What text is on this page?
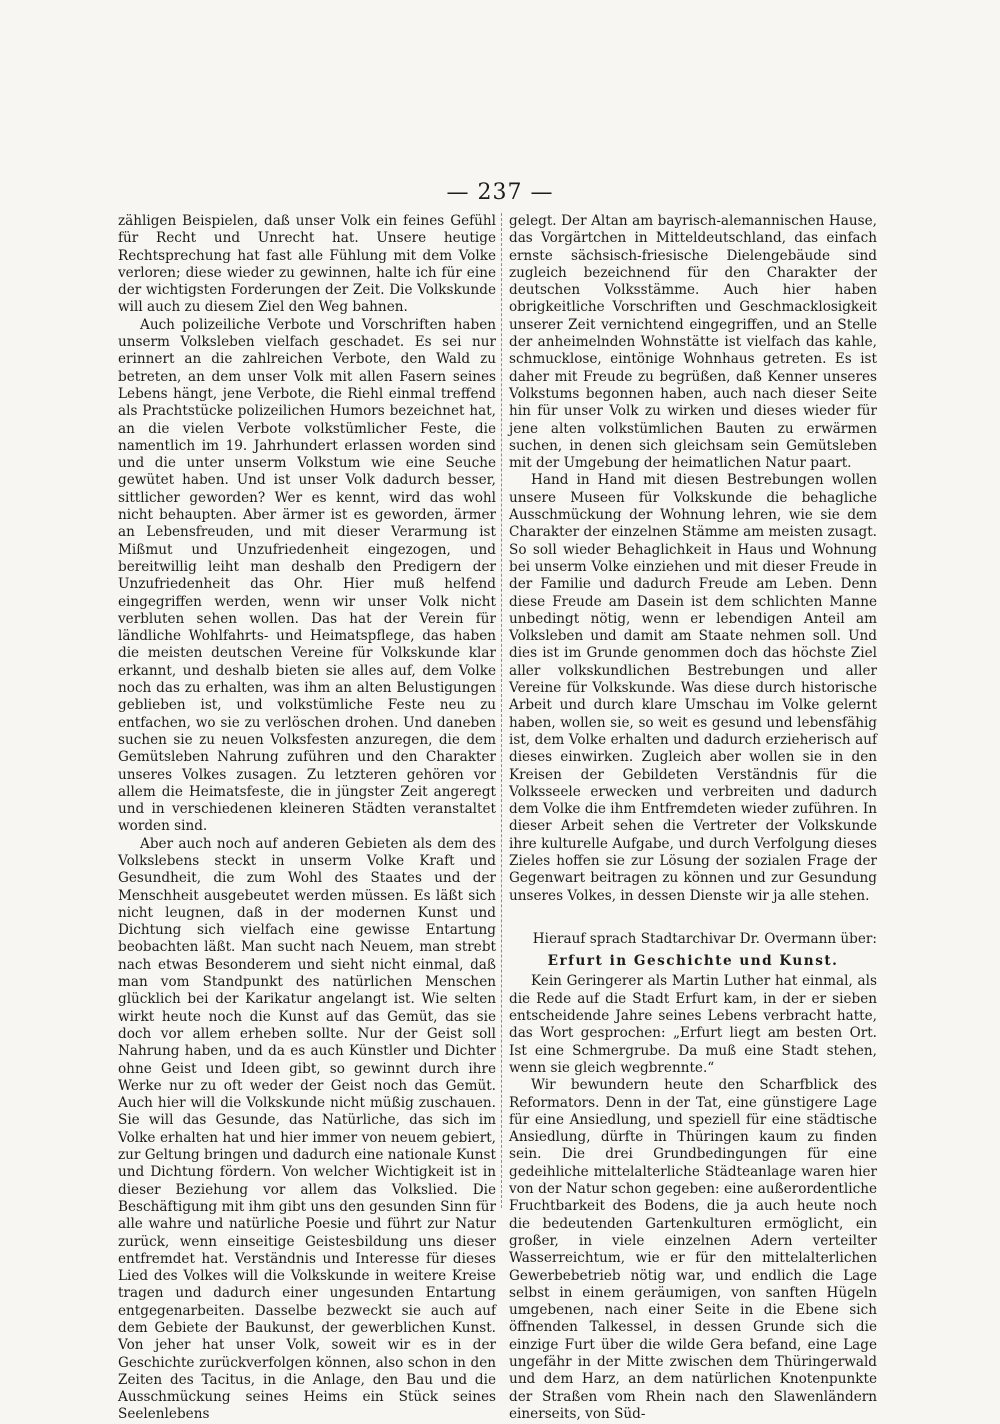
— 237 —

zähligen Beispielen, daß unser Volk ein feines Gefühl für Recht und Unrecht hat. Unsere heutige Rechtsprechung hat fast alle Fühlung mit dem Volke verloren; diese wieder zu gewinnen, halte ich für eine der wichtigsten Forderungen der Zeit. Die Volkskunde will auch zu diesem Ziel den Weg bahnen.

Auch polizeiliche Verbote und Vorschriften haben unserm Volksleben vielfach geschadet. Es sei nur erinnert an die zahlreichen Verbote, den Wald zu betreten, an dem unser Volk mit allen Fasern seines Lebens hängt, jene Verbote, die Riehl einmal treffend als Prachtstücke polizeilichen Humors bezeichnet hat, an die vielen Verbote volkstümlicher Feste, die namentlich im 19. Jahrhundert erlassen worden sind und die unter unserm Volkstum wie eine Seuche gewütet haben. Und ist unser Volk dadurch besser, sittlicher geworden? Wer es kennt, wird das wohl nicht behaupten. Aber ärmer ist es geworden, ärmer an Lebensfreuden, und mit dieser Verarmung ist Mißmut und Unzufriedenheit eingezogen, und bereitwillig leiht man deshalb den Predigern der Unzufriedenheit das Ohr. Hier muß helfend eingegriffen werden, wenn wir unser Volk nicht verbluten sehen wollen. Das hat der Verein für ländliche Wohlfahrts- und Heimatspflege, das haben die meisten deutschen Vereine für Volkskunde klar erkannt, und deshalb bieten sie alles auf, dem Volke noch das zu erhalten, was ihm an alten Belustigungen geblieben ist, und volkstümliche Feste neu zu entfachen, wo sie zu verlöschen drohen. Und daneben suchen sie zu neuen Volksfesten anzuregen, die dem Gemütsleben Nahrung zuführen und den Charakter unseres Volkes zusagen. Zu letzteren gehören vor allem die Heimatsfeste, die in jüngster Zeit angeregt und in verschiedenen kleineren Städten veranstaltet worden sind.

Aber auch noch auf anderen Gebieten als dem des Volkslebens steckt in unserm Volke Kraft und Gesundheit, die zum Wohl des Staates und der Menschheit ausgebeutet werden müssen. Es läßt sich nicht leugnen, daß in der modernen Kunst und Dichtung sich vielfach eine gewisse Entartung beobachten läßt. Man sucht nach Neuem, man strebt nach etwas Besonderem und sieht nicht einmal, daß man vom Standpunkt des natürlichen Menschen glücklich bei der Karikatur angelangt ist. Wie selten wirkt heute noch die Kunst auf das Gemüt, das sie doch vor allem erheben sollte. Nur der Geist soll Nahrung haben, und da es auch Künstler und Dichter ohne Geist und Ideen gibt, so gewinnt durch ihre Werke nur zu oft weder der Geist noch das Gemüt. Auch hier will die Volkskunde nicht müßig zuschauen. Sie will das Gesunde, das Natürliche, das sich im Volke erhalten hat und hier immer von neuem gebiert, zur Geltung bringen und dadurch eine nationale Kunst und Dichtung fördern. Von welcher Wichtigkeit ist in dieser Beziehung vor allem das Volkslied. Die Beschäftigung mit ihm gibt uns den gesunden Sinn für alle wahre und natürliche Poesie und führt zur Natur zurück, wenn einseitige Geistesbildung uns dieser entfremdet hat. Verständnis und Interesse für dieses Lied des Volkes will die Volkskunde in weitere Kreise tragen und dadurch einer ungesunden Entartung entgegenarbeiten. Dasselbe bezweckt sie auch auf dem Gebiete der Baukunst, der gewerblichen Kunst. Von jeher hat unser Volk, soweit wir es in der Geschichte zurückverfolgen können, also schon in den Zeiten des Tacitus, in die Anlage, den Bau und die Ausschmückung seines Heims ein Stück seines Seelenlebens

gelegt. Der Altan am bayrisch-alemannischen Hause, das Vorgärtchen in Mitteldeutschland, das einfach ernste sächsisch-friesische Dielengebäude sind zugleich bezeichnend für den Charakter der deutschen Volksstämme. Auch hier haben obrigkeitliche Vorschriften und Geschmacklosigkeit unserer Zeit vernichtend eingegriffen, und an Stelle der anheimelnden Wohnstätte ist vielfach das kahle, schmucklose, eintönige Wohnhaus getreten. Es ist daher mit Freude zu begrüßen, daß Kenner unseres Volkstums begonnen haben, auch nach dieser Seite hin für unser Volk zu wirken und dieses wieder für jene alten volkstümlichen Bauten zu erwärmen suchen, in denen sich gleichsam sein Gemütsleben mit der Umgebung der heimatlichen Natur paart.

Hand in Hand mit diesen Bestrebungen wollen unsere Museen für Volkskunde die behagliche Ausschmückung der Wohnung lehren, wie sie dem Charakter der einzelnen Stämme am meisten zusagt. So soll wieder Behaglichkeit in Haus und Wohnung bei unserm Volke einziehen und mit dieser Freude in der Familie und dadurch Freude am Leben. Denn diese Freude am Dasein ist dem schlichten Manne unbedingt nötig, wenn er lebendigen Anteil am Volksleben und damit am Staate nehmen soll. Und dies ist im Grunde genommen doch das höchste Ziel aller volkskundlichen Bestrebungen und aller Vereine für Volkskunde. Was diese durch historische Arbeit und durch klare Umschau im Volke gelernt haben, wollen sie, so weit es gesund und lebensfähig ist, dem Volke erhalten und dadurch erzieherisch auf dieses einwirken. Zugleich aber wollen sie in den Kreisen der Gebildeten Verständnis für die Volksseele erwecken und verbreiten und dadurch dem Volke die ihm Entfremdeten wieder zuführen. In dieser Arbeit sehen die Vertreter der Volkskunde ihre kulturelle Aufgabe, und durch Verfolgung dieses Zieles hoffen sie zur Lösung der sozialen Frage der Gegenwart beitragen zu können und zur Gesundung unseres Volkes, in dessen Dienste wir ja alle stehen.

Hierauf sprach Stadtarchivar Dr. Overmann über:

Erfurt in Geschichte und Kunst.

Kein Geringerer als Martin Luther hat einmal, als die Rede auf die Stadt Erfurt kam, in der er sieben entscheidende Jahre seines Lebens verbracht hatte, das Wort gesprochen: „Erfurt liegt am besten Ort. Ist eine Schmergrube. Da muß eine Stadt stehen, wenn sie gleich wegbrennte.“

Wir bewundern heute den Scharfblick des Reformators. Denn in der Tat, eine günstigere Lage für eine Ansiedlung, und speziell für eine städtische Ansiedlung, dürfte in Thüringen kaum zu finden sein. Die drei Grundbedingungen für eine gedeihliche mittelalterliche Städteanlage waren hier von der Natur schon gegeben: eine außerordentliche Fruchtbarkeit des Bodens, die ja auch heute noch die bedeutenden Gartenkulturen ermöglicht, ein großer, in viele einzelnen Adern verteilter Wasserreichtum, wie er für den mittelalterlichen Gewerbebetrieb nötig war, und endlich die Lage selbst in einem geräumigen, von sanften Hügeln umgebenen, nach einer Seite in die Ebene sich öffnenden Talkessel, in dessen Grunde sich die einzige Furt über die wilde Gera befand, eine Lage ungefähr in der Mitte zwischen dem Thüringerwald und dem Harz, an dem natürlichen Knotenpunkte der Straßen vom Rhein nach den Slawenländern einerseits, von Süd-
